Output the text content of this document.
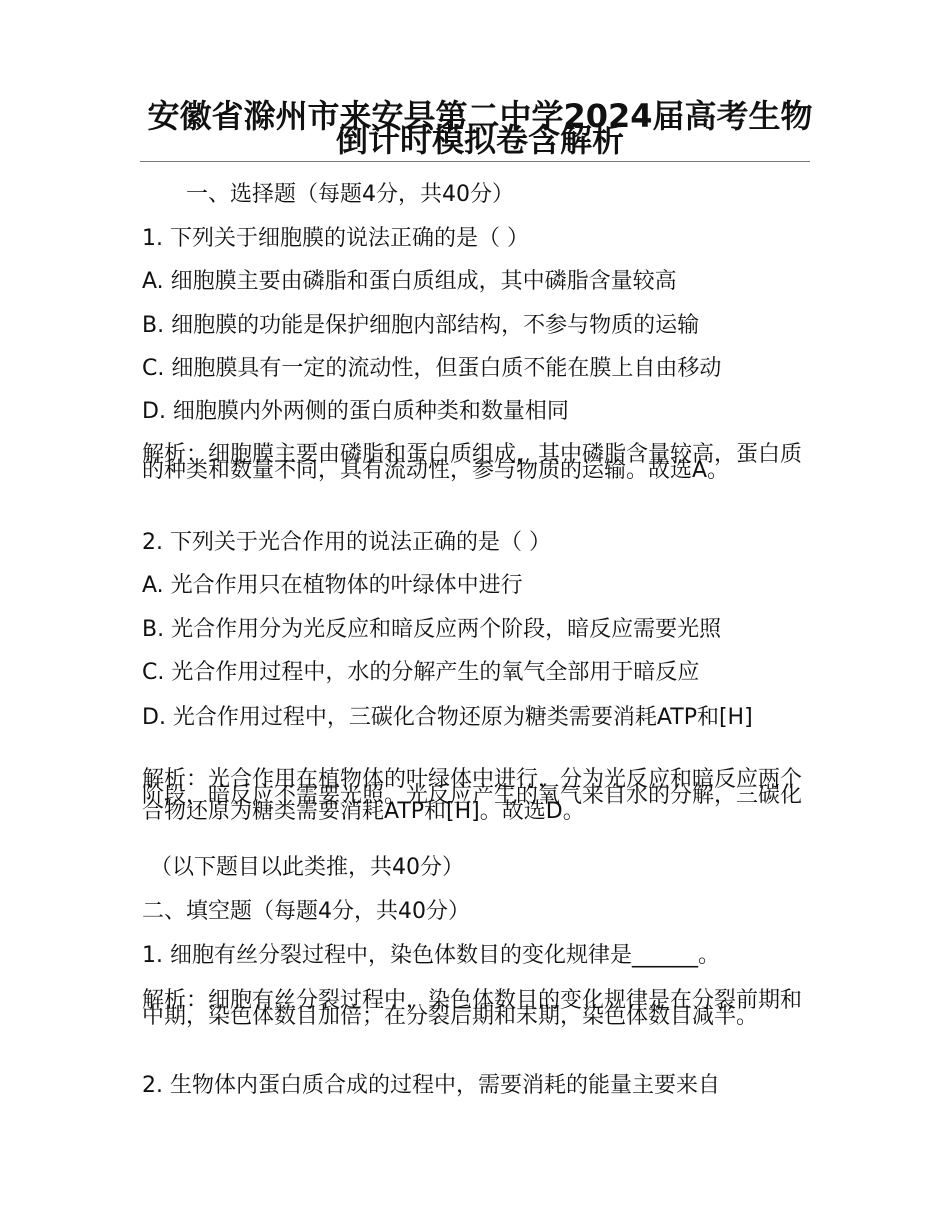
安徽省滁州市来安县第二中学2024届高考生物倒计时模拟卷含解析
一、选择题（每题4分，共40分）
1. 下列关于细胞膜的说法正确的是（ ）
A. 细胞膜主要由磷脂和蛋白质组成，其中磷脂含量较高
B. 细胞膜的功能是保护细胞内部结构，不参与物质的运输
C. 细胞膜具有一定的流动性，但蛋白质不能在膜上自由移动
D. 细胞膜内外两侧的蛋白质种类和数量相同
解析：细胞膜主要由磷脂和蛋白质组成，其中磷脂含量较高，蛋白质的种类和数量不同，具有流动性，参与物质的运输。故选A。
2. 下列关于光合作用的说法正确的是（ ）
A. 光合作用只在植物体的叶绿体中进行
B. 光合作用分为光反应和暗反应两个阶段，暗反应需要光照
C. 光合作用过程中，水的分解产生的氧气全部用于暗反应
D. 光合作用过程中，三碳化合物还原为糖类需要消耗ATP和[H]
解析：光合作用在植物体的叶绿体中进行，分为光反应和暗反应两个阶段，暗反应不需要光照。光反应产生的氧气来自水的分解，三碳化合物还原为糖类需要消耗ATP和[H]。故选D。
（以下题目以此类推，共40分）
二、填空题（每题4分，共40分）
1. 细胞有丝分裂过程中，染色体数目的变化规律是______。
解析：细胞有丝分裂过程中，染色体数目的变化规律是在分裂前期和中期，染色体数目加倍；在分裂后期和末期，染色体数目减半。
2. 生物体内蛋白质合成的过程中，需要消耗的能量主要来自
